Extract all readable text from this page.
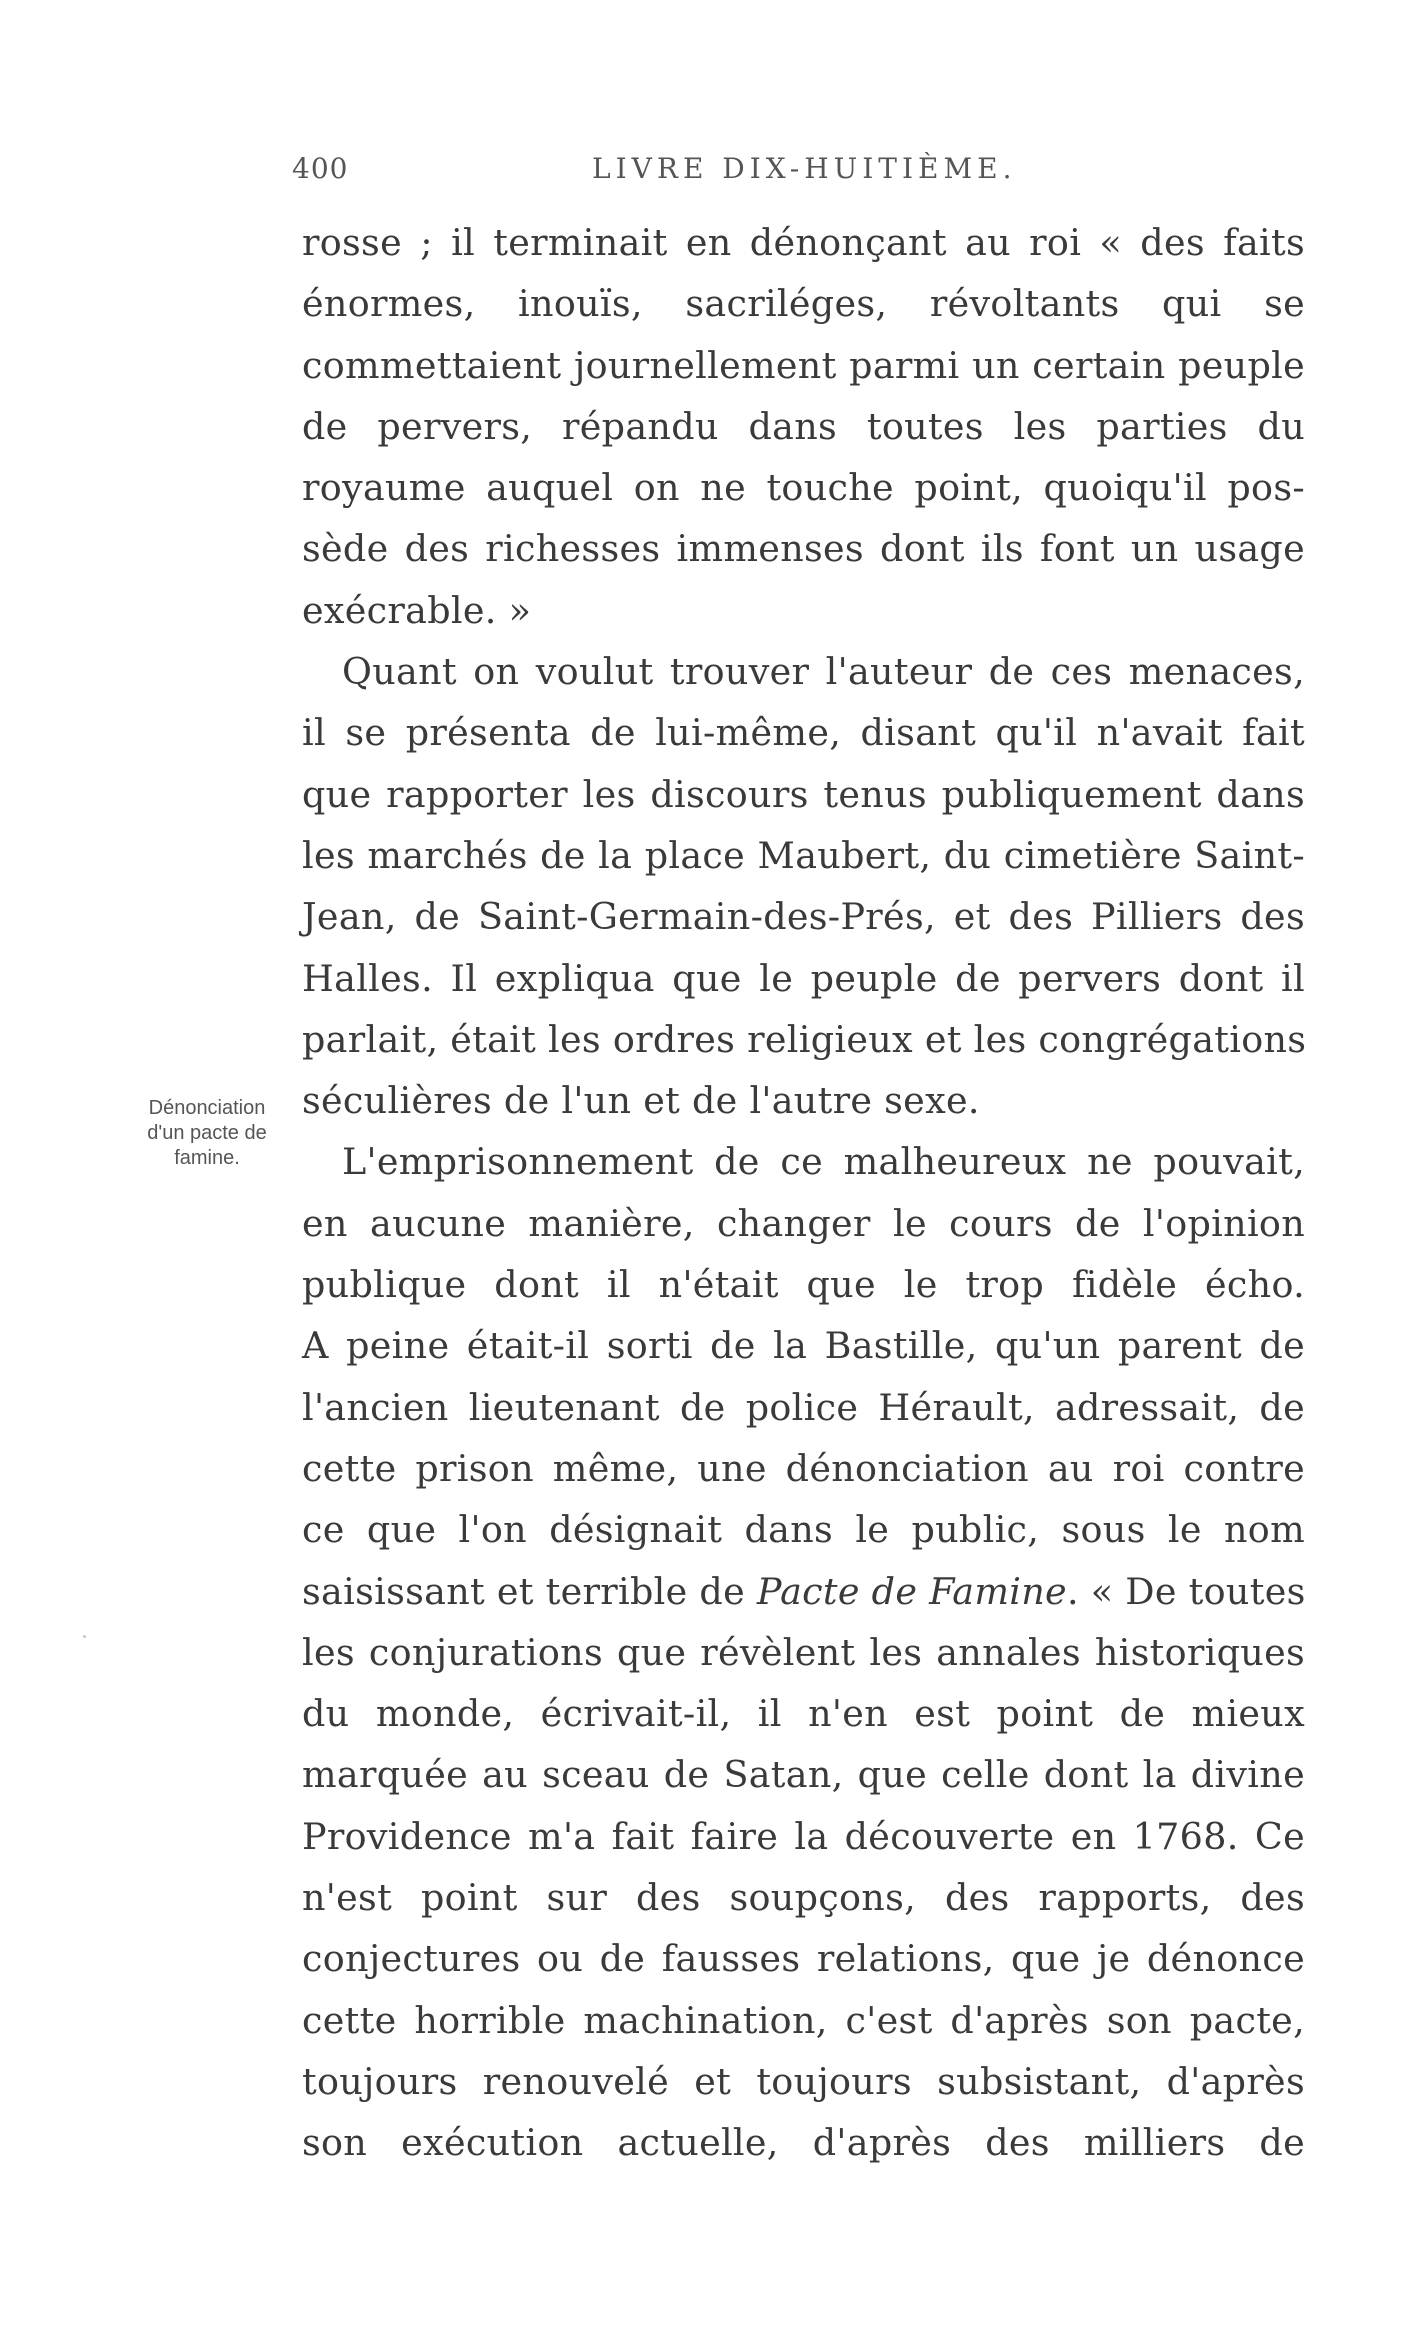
400	LIVRE DIX-HUITIÈME.
Dénonciation
d'un pacte de
famine.
rosse ; il terminait en dénonçant au roi « des faits
énormes, inouïs, sacriléges, révoltants qui se
commettaient journellement parmi un certain peuple
de pervers, répandu dans toutes les parties du
royaume auquel on ne touche point, quoiqu'il pos-
sède des richesses immenses dont ils font un usage
exécrable. »
Quant on voulut trouver l'auteur de ces menaces,
il se présenta de lui-même, disant qu'il n'avait fait
que rapporter les discours tenus publiquement dans
les marchés de la place Maubert, du cimetière Saint-
Jean, de Saint-Germain-des-Prés, et des Pilliers des
Halles. Il expliqua que le peuple de pervers dont il
parlait, était les ordres religieux et les congrégations
séculières de l'un et de l'autre sexe.
L'emprisonnement de ce malheureux ne pouvait,
en aucune manière, changer le cours de l'opinion
publique dont il n'était que le trop fidèle écho.
A peine était-il sorti de la Bastille, qu'un parent de
l'ancien lieutenant de police Hérault, adressait, de
cette prison même, une dénonciation au roi contre
ce que l'on désignait dans le public, sous le nom
saisissant et terrible de Pacte de Famine. « De toutes
les conjurations que révèlent les annales historiques
du monde, écrivait-il, il n'en est point de mieux
marquée au sceau de Satan, que celle dont la divine
Providence m'a fait faire la découverte en 1768. Ce
n'est point sur des soupçons, des rapports, des
conjectures ou de fausses relations, que je dénonce
cette horrible machination, c'est d'après son pacte,
toujours renouvelé et toujours subsistant, d'après
son exécution actuelle, d'après des milliers de
